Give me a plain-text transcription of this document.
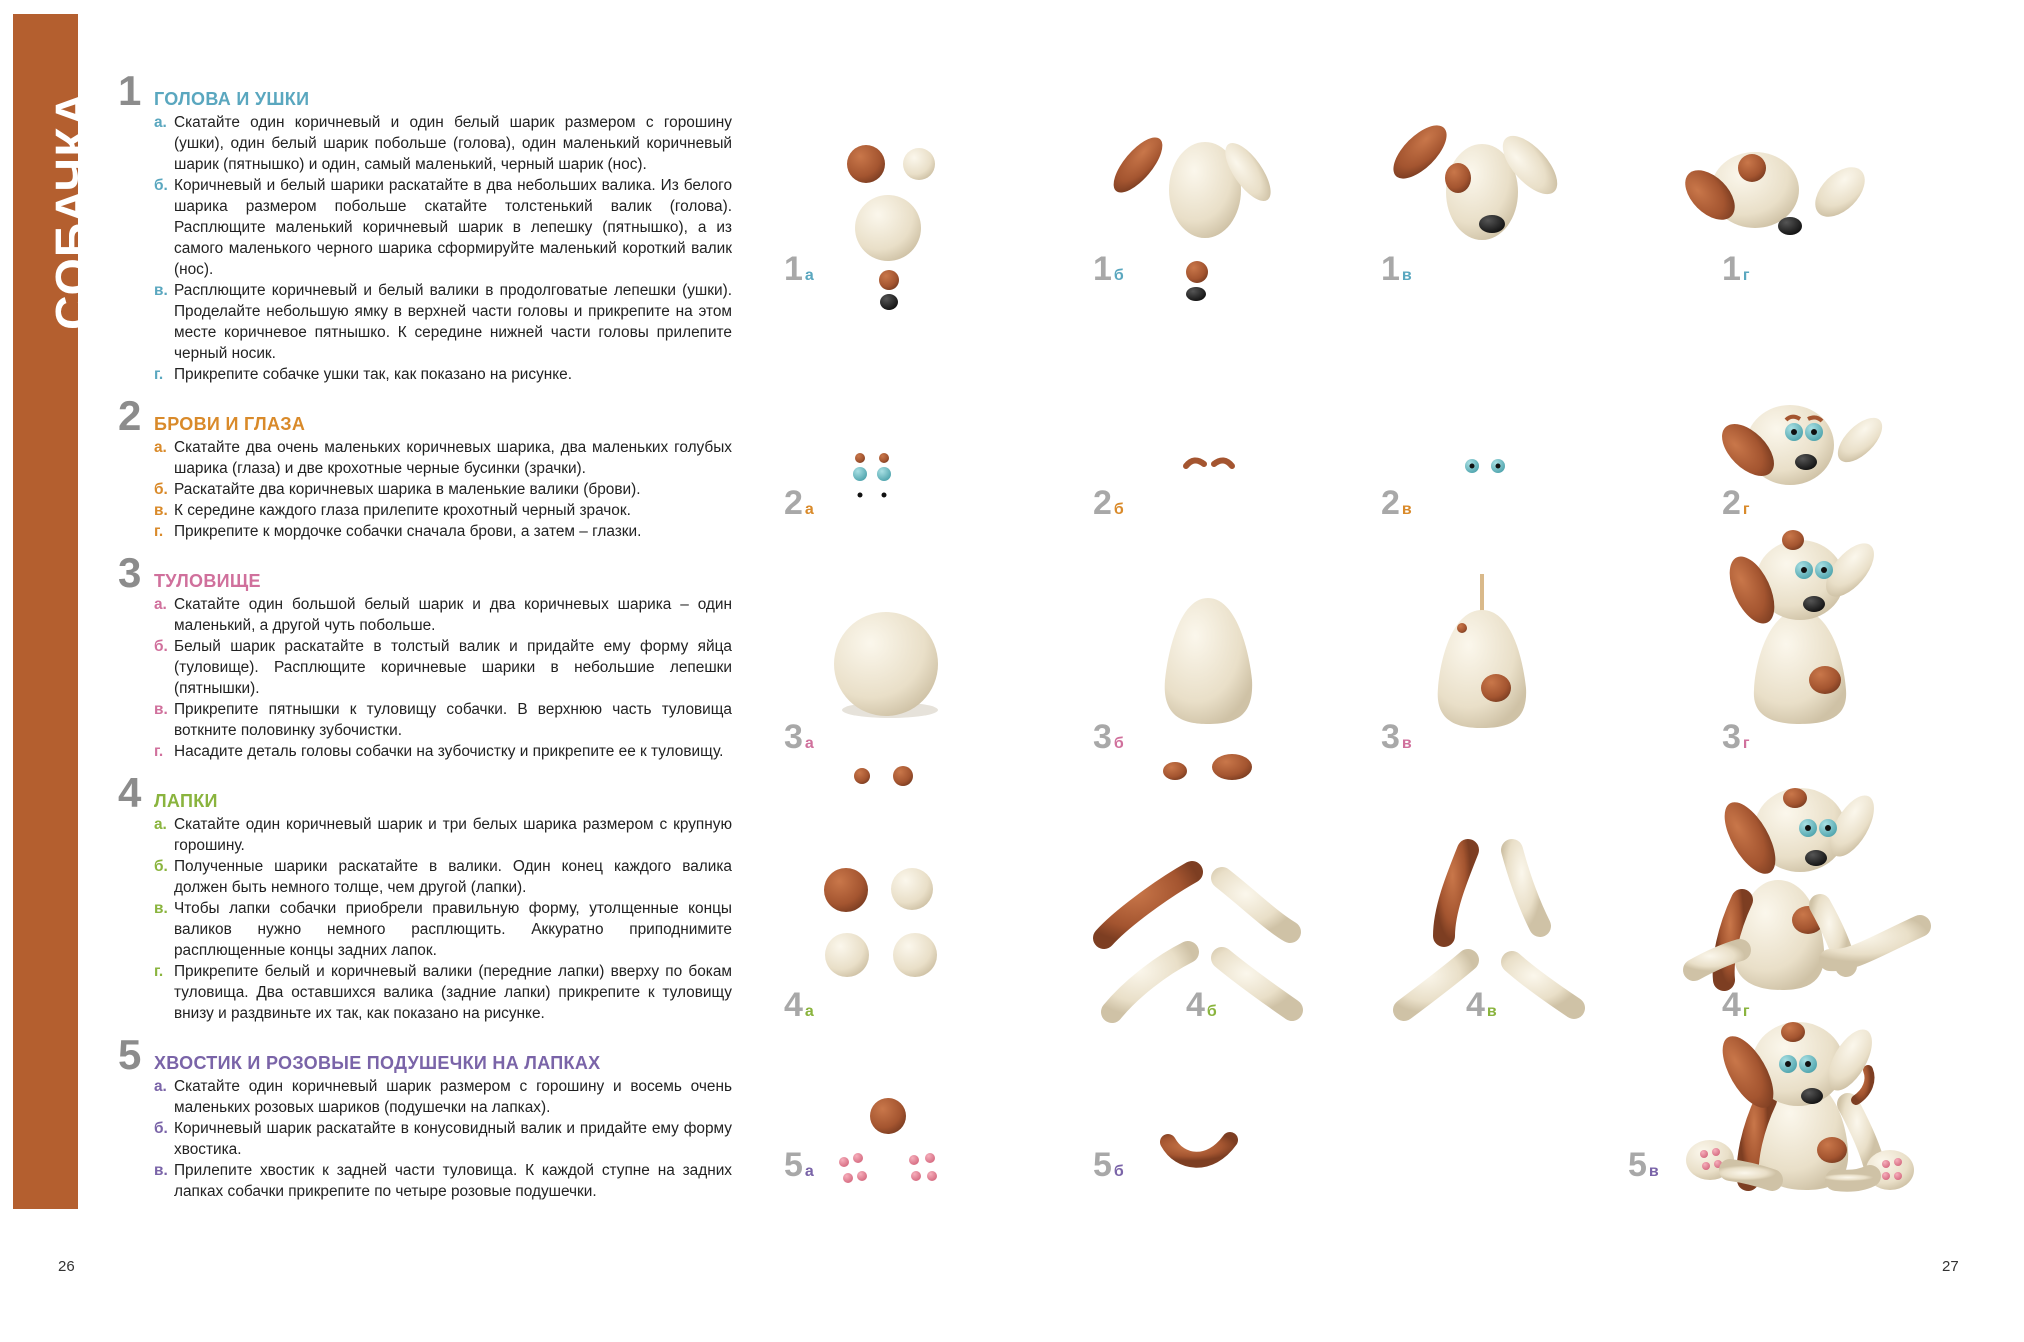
СОБАЧКА
1 ГОЛОВА И УШКИ
а. Скатайте один коричневый и один белый шарик размером с горошину (ушки), один белый шарик побольше (голова), один маленький коричневый шарик (пятнышко) и один, самый маленький, черный шарик (нос).
б. Коричневый и белый шарики раскатайте в два небольших валика. Из белого шарика размером побольше скатайте толстенький валик (голова). Расплющите маленький коричневый шарик в лепешку (пятнышко), а из самого маленького черного шарика сформируйте маленький короткий валик (нос).
в. Расплющите коричневый и белый валики в продолговатые лепешки (ушки). Проделайте небольшую ямку в верхней части головы и прикрепите на этом месте коричневое пятнышко. К середине нижней части головы прилепите черный носик.
г. Прикрепите собачке ушки так, как показано на рисунке.
2 БРОВИ И ГЛАЗА
а. Скатайте два очень маленьких коричневых шарика, два маленьких голубых шарика (глаза) и две крохотные черные бусинки (зрачки).
б. Раскатайте два коричневых шарика в маленькие валики (брови).
в. К середине каждого глаза прилепите крохотный черный зрачок.
г. Прикрепите к мордочке собачки сначала брови, а затем – глазки.
3 ТУЛОВИЩЕ
а. Скатайте один большой белый шарик и два коричневых шарика – один маленький, а другой чуть побольше.
б. Белый шарик раскатайте в толстый валик и придайте ему форму яйца (туловище). Расплющите коричневые шарики в небольшие лепешки (пятнышки).
в. Прикрепите пятнышки к туловищу собачки. В верхнюю часть туловища воткните половинку зубочистки.
г. Насадите деталь головы собачки на зубочистку и прикрепите ее к туловищу.
4 ЛАПКИ
а. Скатайте один коричневый шарик и три белых шарика размером с крупную горошину.
б. Полученные шарики раскатайте в валики. Один конец каждого валика должен быть немного толще, чем другой (лапки).
в. Чтобы лапки собачки приобрели правильную форму, утолщенные концы валиков нужно немного расплющить. Аккуратно приподнимите расплющенные концы задних лапок.
г. Прикрепите белый и коричневый валики (передние лапки) вверху по бокам туловища. Два оставшихся валика (задние лапки) прикрепите к туловищу внизу и раздвиньте их так, как показано на рисунке.
5 ХВОСТИК И РОЗОВЫЕ ПОДУШЕЧКИ НА ЛАПКАХ
а. Скатайте один коричневый шарик размером с горошину и восемь очень маленьких розовых шариков (подушечки на лапках).
б. Коричневый шарик раскатайте в конусовидный валик и придайте ему форму хвостика.
в. Прилепите хвостик к задней части туловища. К каждой ступне на задних лапках собачки прикрепите по четыре розовые подушечки.
26	27
1 а	1 б	1 в	1 г
2 а	2 б	2 в	2 г
3 а	3 б	3 в	3 г
4 а	4 б	4 в	4 г
5 а	5 б	5 в
